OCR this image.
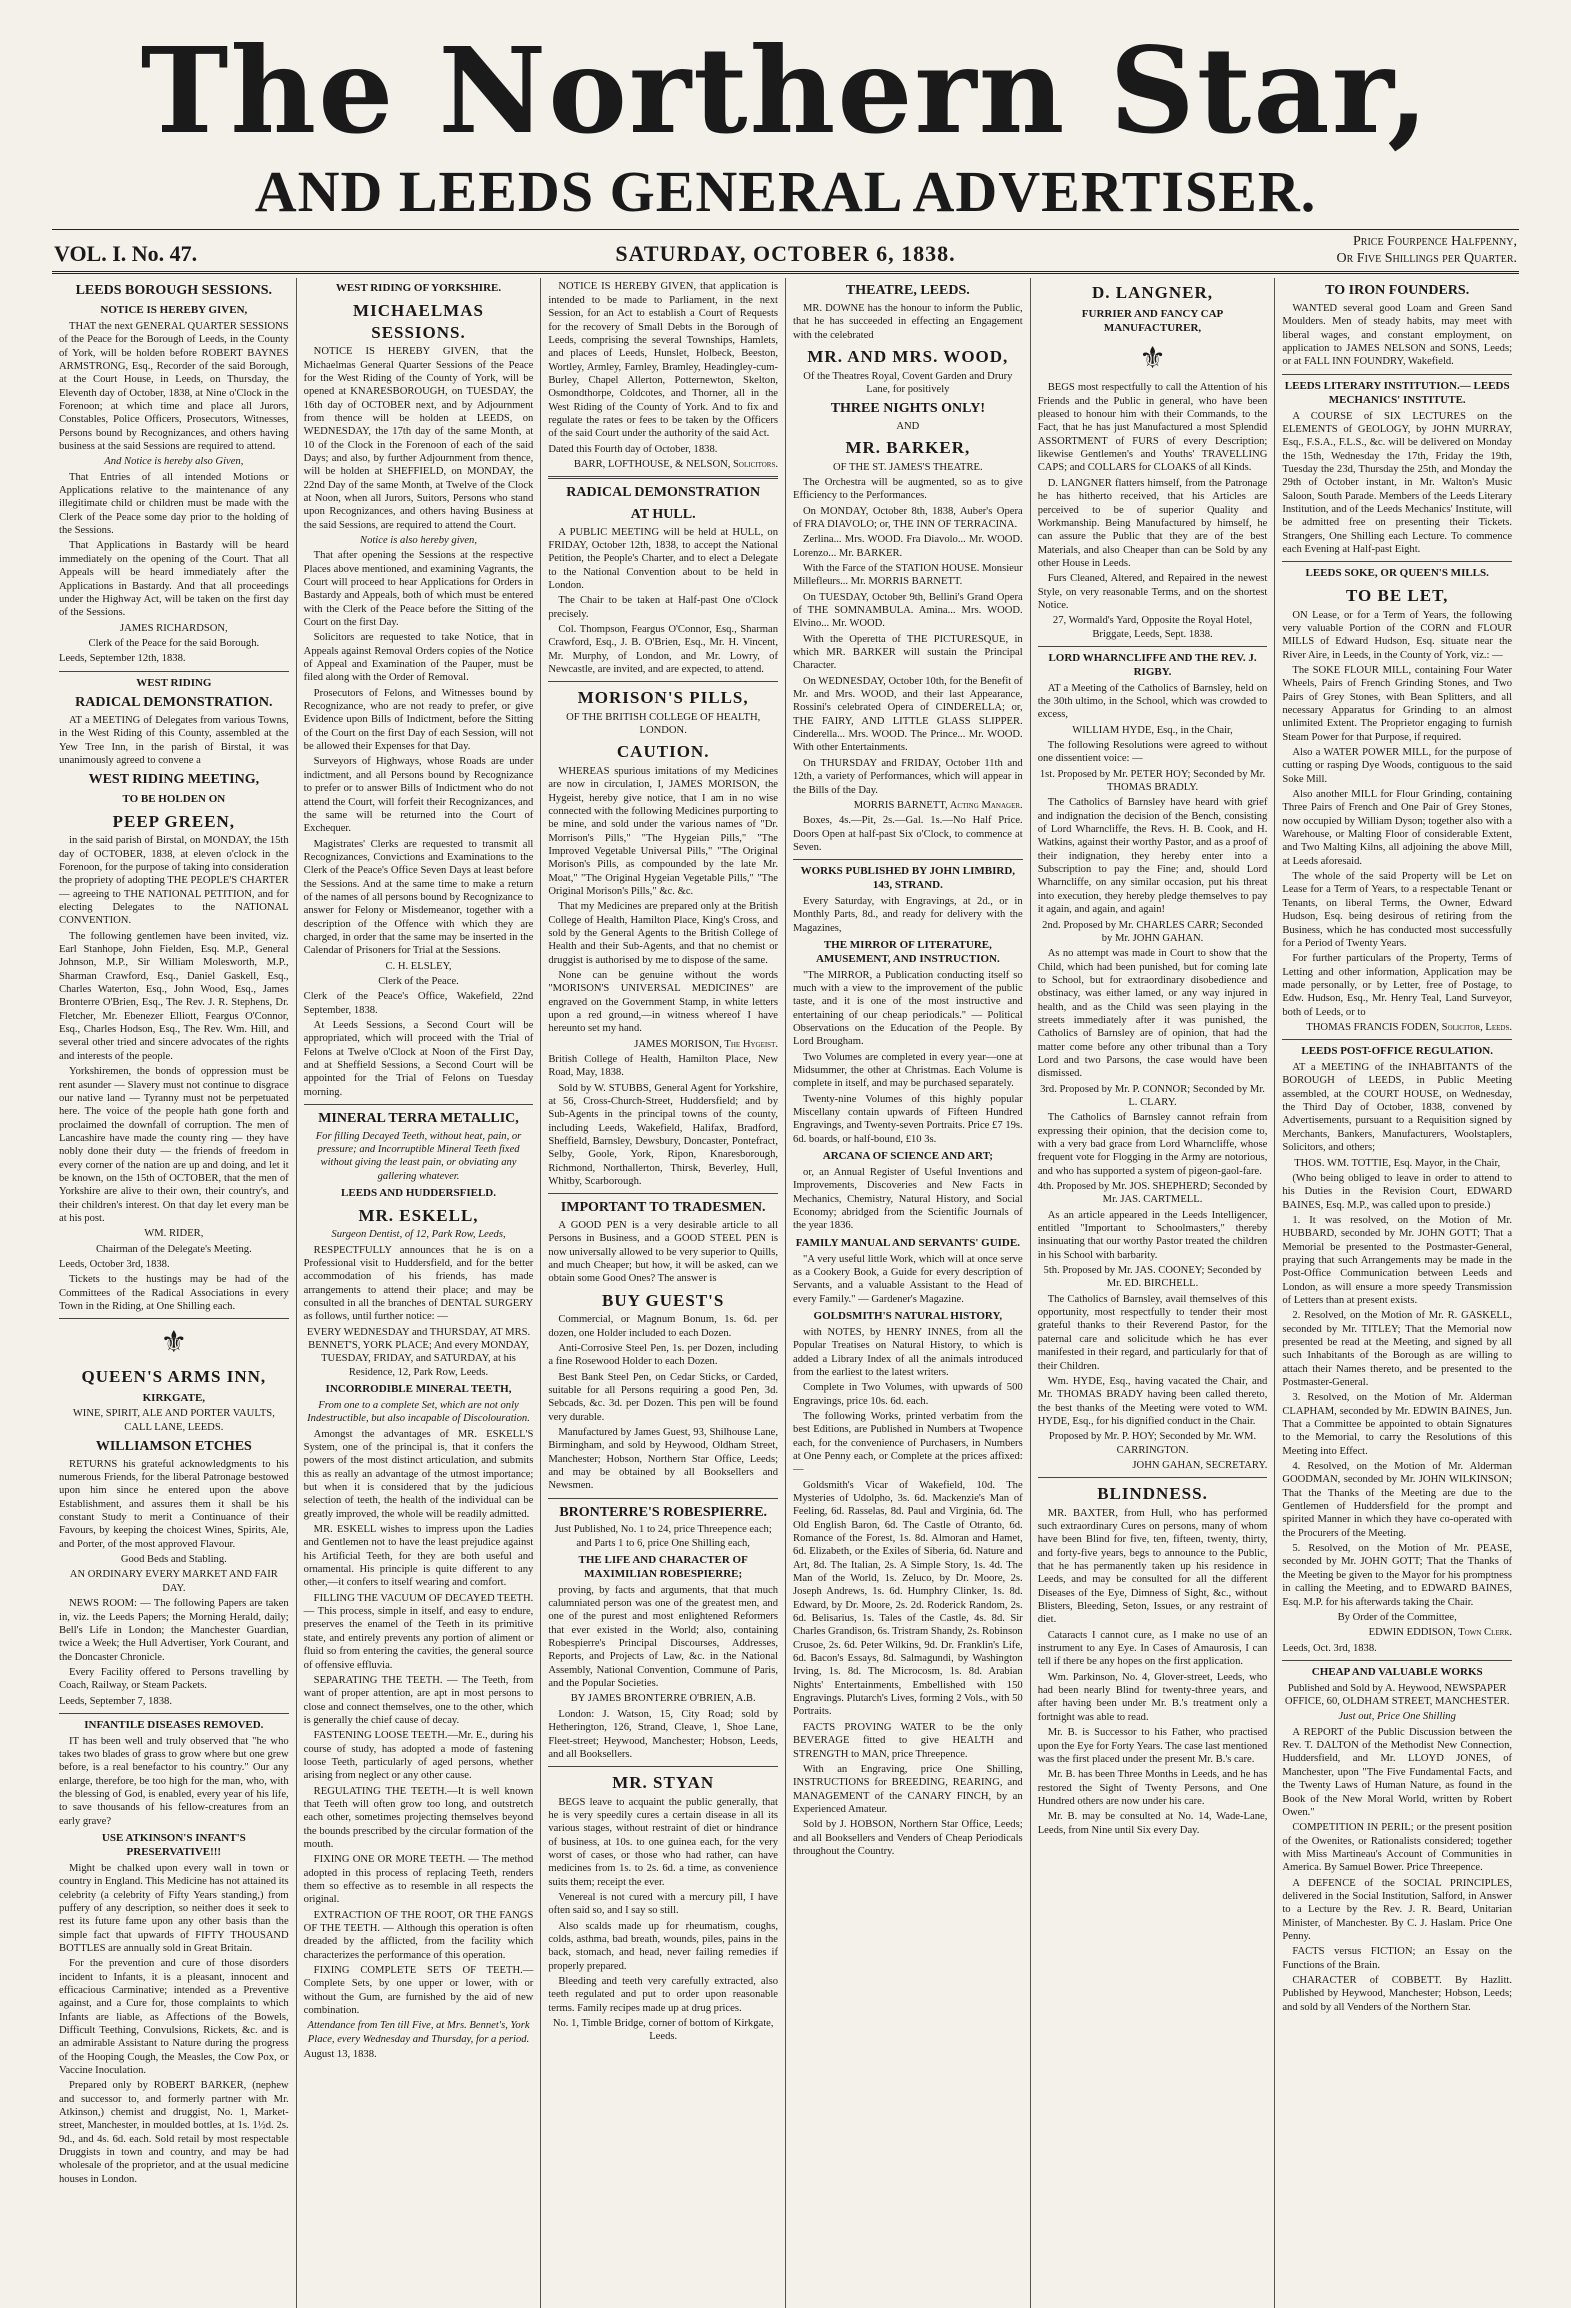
The Northern Star,
AND LEEDS GENERAL ADVERTISER.
VOL. I. No. 47.	SATURDAY, OCTOBER 6, 1838.
Price Fourpence Halfpenny,
Or Five Shillings per Quarter.
LEEDS BOROUGH SESSIONS.
NOTICE IS HEREBY GIVEN,

THAT the next GENERAL QUARTER SESSIONS of the Peace for the Borough of Leeds, in the County of York, will be holden before ROBERT BAYNES ARMSTRONG, Esq., Recorder of the said Borough, at the Court House, in Leeds, on Thursday, the Eleventh day of October, 1838, at Nine o'Clock in the Forenoon; at which time and place all Jurors, Constables, Police Officers, Prosecutors, Witnesses, Persons bound by Recognizances, and others having business at the said Sessions are required to attend.

And Notice is hereby also Given,

That Entries of all intended Motions or Applications relative to the maintenance of any illegitimate child or children must be made with the Clerk of the Peace some day prior to the holding of the Sessions.

That Applications in Bastardy will be heard immediately on the opening of the Court. That all Appeals will be heard immediately after the Applications in Bastardy. And that all proceedings under the Highway Act, will be taken on the first day of the Sessions.

JAMES RICHARDSON,
Clerk of the Peace for the said Borough.
Leeds, September 12th, 1838.
WEST RIDING
RADICAL DEMONSTRATION.

AT a MEETING of Delegates from various Towns, in the West Riding of this County, assembled at the Yew Tree Inn, in the parish of Birstal, it was unanimously agreed to convene a

WEST RIDING MEETING,
TO BE HOLDEN ON
PEEP GREEN,

in the said parish of Birstal, on MONDAY, the 15th day of OCTOBER, 1838, at eleven o'clock in the Forenoon, for the purpose of taking into consideration the propriety of adopting THE PEOPLE'S CHARTER — agreeing to THE NATIONAL PETITION, and for electing Delegates to the NATIONAL CONVENTION.

The following gentlemen have been invited, viz. Earl Stanhope, John Fielden, Esq. M.P., General Johnson, M.P., Sir William Molesworth, M.P., Sharman Crawford, Esq., Daniel Gaskell, Esq., Charles Waterton, Esq., John Wood, Esq., James Bronterre O'Brien, Esq., The Rev. J. R. Stephens, Dr. Fletcher, Mr. Ebenezer Elliott, Feargus O'Connor, Esq., Charles Hodson, Esq., The Rev. Wm. Hill, and several other tried and sincere advocates of the rights and interests of the people.

Yorkshiremen, the bonds of oppression must be rent asunder — Slavery must not continue to disgrace our native land — Tyranny must not be perpetuated here. The voice of the people hath gone forth and proclaimed the downfall of corruption. The men of Lancashire have made the county ring — they have nobly done their duty — the friends of freedom in every corner of the nation are up and doing, and let it be known, on the 15th of OCTOBER, that the men of Yorkshire are alive to their own, their country's, and their children's interest. On that day let every man be at his post.

WM. RIDER,
Chairman of the Delegate's Meeting.
Leeds, October 3rd, 1838.

Tickets to the hustings may be had of the Committees of the Radical Associations in every Town in the Riding, at One Shilling each.

⚜
QUEEN'S ARMS INN,
KIRKGATE,
WINE, SPIRIT, ALE AND PORTER VAULTS, CALL LANE, LEEDS.
WILLIAMSON ETCHES

RETURNS his grateful acknowledgments to his numerous Friends, for the liberal Patronage bestowed upon him since he entered upon the above Establishment, and assures them it shall be his constant Study to merit a Continuance of their Favours, by keeping the choicest Wines, Spirits, Ale, and Porter, of the most approved Flavour.

Good Beds and Stabling.
AN ORDINARY EVERY MARKET AND FAIR DAY.

NEWS ROOM: — The following Papers are taken in, viz. the Leeds Papers; the Morning Herald, daily; Bell's Life in London; the Manchester Guardian, twice a Week; the Hull Advertiser, York Courant, and the Doncaster Chronicle.

Every Facility offered to Persons travelling by Coach, Railway, or Steam Packets.

Leeds, September 7, 1838.
INFANTILE DISEASES REMOVED.

IT has been well and truly observed that "he who takes two blades of grass to grow where but one grew before, is a real benefactor to his country." Our any enlarge, therefore, be too high for the man, who, with the blessing of God, is enabled, every year of his life, to save thousands of his fellow-creatures from an early grave?

USE ATKINSON'S INFANT'S PRESERVATIVE!!!

Might be chalked upon every wall in town or country in England. This Medicine has not attained its celebrity (a celebrity of Fifty Years standing,) from puffery of any description, so neither does it seek to rest its future fame upon any other basis than the simple fact that upwards of FIFTY THOUSAND BOTTLES are annually sold in Great Britain.

For the prevention and cure of those disorders incident to Infants, it is a pleasant, innocent and efficacious Carminative; intended as a Preventive against, and a Cure for, those complaints to which Infants are liable, as Affections of the Bowels, Difficult Teething, Convulsions, Rickets, &c. and is an admirable Assistant to Nature during the progress of the Hooping Cough, the Measles, the Cow Pox, or Vaccine Inoculation.

Prepared only by ROBERT BARKER, (nephew and successor to, and formerly partner with Mr. Atkinson,) chemist and druggist, No. 1, Market-street, Manchester, in moulded bottles, at 1s. 1½d. 2s. 9d., and 4s. 6d. each. Sold retail by most respectable Druggists in town and country, and may be had wholesale of the proprietor, and at the usual medicine houses in London.

WEST RIDING OF YORKSHIRE.
MICHAELMAS SESSIONS.

NOTICE IS HEREBY GIVEN, that the Michaelmas General Quarter Sessions of the Peace for the West Riding of the County of York, will be opened at KNARESBOROUGH, on TUESDAY, the 16th day of OCTOBER next, and by Adjournment from thence will be holden at LEEDS, on WEDNESDAY, the 17th day of the same Month, at 10 of the Clock in the Forenoon of each of the said Days; and also, by further Adjournment from thence, will be holden at SHEFFIELD, on MONDAY, the 22nd Day of the same Month, at Twelve of the Clock at Noon, when all Jurors, Suitors, Persons who stand upon Recognizances, and others having Business at the said Sessions, are required to attend the Court.

Notice is also hereby given,

That after opening the Sessions at the respective Places above mentioned, and examining Vagrants, the Court will proceed to hear Applications for Orders in Bastardy and Appeals, both of which must be entered with the Clerk of the Peace before the Sitting of the Court on the first Day.

Solicitors are requested to take Notice, that in Appeals against Removal Orders copies of the Notice of Appeal and Examination of the Pauper, must be filed along with the Order of Removal.

Prosecutors of Felons, and Witnesses bound by Recognizance, who are not ready to prefer, or give Evidence upon Bills of Indictment, before the Sitting of the Court on the first Day of each Session, will not be allowed their Expenses for that Day.

Surveyors of Highways, whose Roads are under indictment, and all Persons bound by Recognizance to prefer or to answer Bills of Indictment who do not attend the Court, will forfeit their Recognizances, and the same will be returned into the Court of Exchequer.

Magistrates' Clerks are requested to transmit all Recognizances, Convictions and Examinations to the Clerk of the Peace's Office Seven Days at least before the Sessions. And at the same time to make a return of the names of all persons bound by Recognizance to answer for Felony or Misdemeanor, together with a description of the Offence with which they are charged, in order that the same may be inserted in the Calendar of Prisoners for Trial at the Sessions.

C. H. ELSLEY,
Clerk of the Peace.
Clerk of the Peace's Office, Wakefield, 22nd September, 1838.

At Leeds Sessions, a Second Court will be appropriated, which will proceed with the Trial of Felons at Twelve o'Clock at Noon of the First Day, and at Sheffield Sessions, a Second Court will be appointed for the Trial of Felons on Tuesday morning.

MINERAL TERRA METALLIC,
For filling Decayed Teeth, without heat, pain, or pressure; and Incorruptible Mineral Teeth fixed without giving the least pain, or obviating any gallering whatever.
LEEDS AND HUDDERSFIELD.
MR. ESKELL,
Surgeon Dentist, of 12, Park Row, Leeds,

RESPECTFULLY announces that he is on a Professional visit to Huddersfield, and for the better accommodation of his friends, has made arrangements to attend their place; and may be consulted in all the branches of DENTAL SURGERY as follows, until further notice: —

EVERY WEDNESDAY and THURSDAY, AT MRS. BENNET'S, YORK PLACE; And every MONDAY, TUESDAY, FRIDAY, and SATURDAY, at his Residence, 12, Park Row, Leeds.
INCORRODIBLE MINERAL TEETH,
From one to a complete Set, which are not only Indestructible, but also incapable of Discolouration.

Amongst the advantages of MR. ESKELL'S System, one of the principal is, that it confers the powers of the most distinct articulation, and submits this as really an advantage of the utmost importance; but when it is considered that by the judicious selection of teeth, the health of the individual can be greatly improved, the whole will be readily admitted.

MR. ESKELL wishes to impress upon the Ladies and Gentlemen not to have the least prejudice against his Artificial Teeth, for they are both useful and ornamental. His principle is quite different to any other,—it confers to itself wearing and comfort.

FILLING THE VACUUM OF DECAYED TEETH. — This process, simple in itself, and easy to endure, preserves the enamel of the Teeth in its primitive state, and entirely prevents any portion of aliment or fluid so from entering the cavities, the general source of offensive effluvia.

SEPARATING THE TEETH. — The Teeth, from want of proper attention, are apt in most persons to close and connect themselves, one to the other, which is generally the chief cause of decay.

FASTENING LOOSE TEETH.—Mr. E., during his course of study, has adopted a mode of fastening loose Teeth, particularly of aged persons, whether arising from neglect or any other cause.

REGULATING THE TEETH.—It is well known that Teeth will often grow too long, and outstretch each other, sometimes projecting themselves beyond the bounds prescribed by the circular formation of the mouth.

FIXING ONE OR MORE TEETH. — The method adopted in this process of replacing Teeth, renders them so effective as to resemble in all respects the original.

EXTRACTION OF THE ROOT, OR THE FANGS OF THE TEETH. — Although this operation is often dreaded by the afflicted, from the facility which characterizes the performance of this operation.

FIXING COMPLETE SETS OF TEETH.—Complete Sets, by one upper or lower, with or without the Gum, are furnished by the aid of new combination.

Attendance from Ten till Five, at Mrs. Bennet's, York Place, every Wednesday and Thursday, for a period.
August 13, 1838.

NOTICE IS HEREBY GIVEN, that application is intended to be made to Parliament, in the next Session, for an Act to establish a Court of Requests for the recovery of Small Debts in the Borough of Leeds, comprising the several Townships, Hamlets, and places of Leeds, Hunslet, Holbeck, Beeston, Wortley, Armley, Farnley, Bramley, Headingley-cum-Burley, Chapel Allerton, Potternewton, Skelton, Osmondthorpe, Coldcotes, and Thorner, all in the West Riding of the County of York. And to fix and regulate the rates or fees to be taken by the Officers of the said Court under the authority of the said Act.

Dated this Fourth day of October, 1838.
BARR, LOFTHOUSE, & NELSON, Solicitors.
RADICAL DEMONSTRATION
AT HULL.

A PUBLIC MEETING will be held at HULL, on FRIDAY, October 12th, 1838, to accept the National Petition, the People's Charter, and to elect a Delegate to the National Convention about to be held in London.

The Chair to be taken at Half-past One o'Clock precisely.

Col. Thompson, Feargus O'Connor, Esq., Sharman Crawford, Esq., J. B. O'Brien, Esq., Mr. H. Vincent, Mr. Murphy, of London, and Mr. Lowry, of Newcastle, are invited, and are expected, to attend.

MORISON'S PILLS,
OF THE BRITISH COLLEGE OF HEALTH, LONDON.
CAUTION.

WHEREAS spurious imitations of my Medicines are now in circulation, I, JAMES MORISON, the Hygeist, hereby give notice, that I am in no wise connected with the following Medicines purporting to be mine, and sold under the various names of "Dr. Morrison's Pills," "The Hygeian Pills," "The Improved Vegetable Universal Pills," "The Original Morison's Pills, as compounded by the late Mr. Moat," "The Original Hygeian Vegetable Pills," "The Original Morison's Pills," &c. &c.

That my Medicines are prepared only at the British College of Health, Hamilton Place, King's Cross, and sold by the General Agents to the British College of Health and their Sub-Agents, and that no chemist or druggist is authorised by me to dispose of the same.

None can be genuine without the words "MORISON'S UNIVERSAL MEDICINES" are engraved on the Government Stamp, in white letters upon a red ground,—in witness whereof I have hereunto set my hand.

JAMES MORISON, The Hygeist.
British College of Health, Hamilton Place, New Road, May, 1838.

Sold by W. STUBBS, General Agent for Yorkshire, at 56, Cross-Church-Street, Huddersfield; and by Sub-Agents in the principal towns of the county, including Leeds, Wakefield, Halifax, Bradford, Sheffield, Barnsley, Dewsbury, Doncaster, Pontefract, Selby, Goole, York, Ripon, Knaresborough, Richmond, Northallerton, Thirsk, Beverley, Hull, Whitby, Scarborough.

IMPORTANT TO TRADESMEN.

A GOOD PEN is a very desirable article to all Persons in Business, and a GOOD STEEL PEN is now universally allowed to be very superior to Quills, and much Cheaper; but how, it will be asked, can we obtain some Good Ones? The answer is

BUY GUEST'S

Commercial, or Magnum Bonum, 1s. 6d. per dozen, one Holder included to each Dozen.

Anti-Corrosive Steel Pen, 1s. per Dozen, including a fine Rosewood Holder to each Dozen.

Best Bank Steel Pen, on Cedar Sticks, or Carded, suitable for all Persons requiring a good Pen, 3d. Sebcads, &c. 3d. per Dozen. This pen will be found very durable.

Manufactured by James Guest, 93, Shilhouse Lane, Birmingham, and sold by Heywood, Oldham Street, Manchester; Hobson, Northern Star Office, Leeds; and may be obtained by all Booksellers and Newsmen.

BRONTERRE'S ROBESPIERRE.
Just Published, No. 1 to 24, price Threepence each; and Parts 1 to 6, price One Shilling each,
THE LIFE AND CHARACTER OF MAXIMILIAN ROBESPIERRE;

proving, by facts and arguments, that that much calumniated person was one of the greatest men, and one of the purest and most enlightened Reformers that ever existed in the World; also, containing Robespierre's Principal Discourses, Addresses, Reports, and Projects of Law, &c. in the National Assembly, National Convention, Commune of Paris, and the Popular Societies.

BY JAMES BRONTERRE O'BRIEN, A.B.

London: J. Watson, 15, City Road; sold by Hetherington, 126, Strand, Cleave, 1, Shoe Lane, Fleet-street; Heywood, Manchester; Hobson, Leeds, and all Booksellers.

MR. STYAN

BEGS leave to acquaint the public generally, that he is very speedily cures a certain disease in all its various stages, without restraint of diet or hindrance of business, at 10s. to one guinea each, for the very worst of cases, or those who had rather, can have medicines from 1s. to 2s. 6d. a time, as convenience suits them; receipt the ever.

Venereal is not cured with a mercury pill, I have often said so, and I say so still.

Also scalds made up for rheumatism, coughs, colds, asthma, bad breath, wounds, piles, pains in the back, stomach, and head, never failing remedies if properly prepared.

Bleeding and teeth very carefully extracted, also teeth regulated and put to order upon reasonable terms. Family recipes made up at drug prices.

No. 1, Timble Bridge, corner of bottom of Kirkgate, Leeds.
THEATRE, LEEDS.

MR. DOWNE has the honour to inform the Public, that he has succeeded in effecting an Engagement with the celebrated

MR. AND MRS. WOOD,
Of the Theatres Royal, Covent Garden and Drury Lane, for positively
THREE NIGHTS ONLY!
AND
MR. BARKER,
OF THE ST. JAMES'S THEATRE.

The Orchestra will be augmented, so as to give Efficiency to the Performances.

On MONDAY, October 8th, 1838, Auber's Opera of FRA DIAVOLO; or, THE INN OF TERRACINA.

Zerlina... Mrs. WOOD. Fra Diavolo... Mr. WOOD. Lorenzo... Mr. BARKER.

With the Farce of the STATION HOUSE. Monsieur Millefleurs... Mr. MORRIS BARNETT.

On TUESDAY, October 9th, Bellini's Grand Opera of THE SOMNAMBULA. Amina... Mrs. WOOD. Elvino... Mr. WOOD.

With the Operetta of THE PICTURESQUE, in which MR. BARKER will sustain the Principal Character.

On WEDNESDAY, October 10th, for the Benefit of Mr. and Mrs. WOOD, and their last Appearance, Rossini's celebrated Opera of CINDERELLA; or, THE FAIRY, AND LITTLE GLASS SLIPPER. Cinderella... Mrs. WOOD. The Prince... Mr. WOOD. With other Entertainments.

On THURSDAY and FRIDAY, October 11th and 12th, a variety of Performances, which will appear in the Bills of the Day.

MORRIS BARNETT, Acting Manager.

Boxes, 4s.—Pit, 2s.—Gal. 1s.—No Half Price. Doors Open at half-past Six o'Clock, to commence at Seven.

WORKS PUBLISHED BY JOHN LIMBIRD, 143, STRAND.

Every Saturday, with Engravings, at 2d., or in Monthly Parts, 8d., and ready for delivery with the Magazines,

THE MIRROR OF LITERATURE, AMUSEMENT, AND INSTRUCTION.

"The MIRROR, a Publication conducting itself so much with a view to the improvement of the public taste, and it is one of the most instructive and entertaining of our cheap periodicals." — Political Observations on the Education of the People. By Lord Brougham.

Two Volumes are completed in every year—one at Midsummer, the other at Christmas. Each Volume is complete in itself, and may be purchased separately.

Twenty-nine Volumes of this highly popular Miscellany contain upwards of Fifteen Hundred Engravings, and Twenty-seven Portraits. Price £7 19s. 6d. boards, or half-bound, £10 3s.

ARCANA OF SCIENCE AND ART;

or, an Annual Register of Useful Inventions and Improvements, Discoveries and New Facts in Mechanics, Chemistry, Natural History, and Social Economy; abridged from the Scientific Journals of the year 1836.

FAMILY MANUAL AND SERVANTS' GUIDE.

"A very useful little Work, which will at once serve as a Cookery Book, a Guide for every description of Servants, and a valuable Assistant to the Head of every Family." — Gardener's Magazine.

GOLDSMITH'S NATURAL HISTORY,

with NOTES, by HENRY INNES, from all the Popular Treatises on Natural History, to which is added a Library Index of all the animals introduced from the earliest to the latest writers.

Complete in Two Volumes, with upwards of 500 Engravings, price 10s. 6d. each.

The following Works, printed verbatim from the best Editions, are Published in Numbers at Twopence each, for the convenience of Purchasers, in Numbers at One Penny each, or Complete at the prices affixed: —

Goldsmith's Vicar of Wakefield, 10d. The Mysteries of Udolpho, 3s. 6d. Mackenzie's Man of Feeling, 6d. Rasselas, 8d. Paul and Virginia, 6d. The Old English Baron, 6d. The Castle of Otranto, 6d. Romance of the Forest, 1s. 8d. Almoran and Hamet, 6d. Elizabeth, or the Exiles of Siberia, 6d. Nature and Art, 8d. The Italian, 2s. A Simple Story, 1s. 4d. The Man of the World, 1s. Zeluco, by Dr. Moore, 2s. Joseph Andrews, 1s. 6d. Humphry Clinker, 1s. 8d. Edward, by Dr. Moore, 2s. 2d. Roderick Random, 2s. 6d. Belisarius, 1s. Tales of the Castle, 4s. 8d. Sir Charles Grandison, 6s. Tristram Shandy, 2s. Robinson Crusoe, 2s. 6d. Peter Wilkins, 9d. Dr. Franklin's Life, 6d. Bacon's Essays, 8d. Salmagundi, by Washington Irving, 1s. 8d. The Microcosm, 1s. 8d. Arabian Nights' Entertainments, Embellished with 150 Engravings. Plutarch's Lives, forming 2 Vols., with 50 Portraits.

FACTS PROVING WATER to be the only BEVERAGE fitted to give HEALTH and STRENGTH to MAN, price Threepence.

With an Engraving, price One Shilling, INSTRUCTIONS for BREEDING, REARING, and MANAGEMENT of the CANARY FINCH, by an Experienced Amateur.

Sold by J. HOBSON, Northern Star Office, Leeds; and all Booksellers and Venders of Cheap Periodicals throughout the Country.

D. LANGNER,
FURRIER AND FANCY CAP MANUFACTURER,
⚜

BEGS most respectfully to call the Attention of his Friends and the Public in general, who have been pleased to honour him with their Commands, to the Fact, that he has just Manufactured a most Splendid ASSORTMENT of FURS of every Description; likewise Gentlemen's and Youths' TRAVELLING CAPS; and COLLARS for CLOAKS of all Kinds.

D. LANGNER flatters himself, from the Patronage he has hitherto received, that his Articles are perceived to be of superior Quality and Workmanship. Being Manufactured by himself, he can assure the Public that they are of the best Materials, and also Cheaper than can be Sold by any other House in Leeds.

Furs Cleaned, Altered, and Repaired in the newest Style, on very reasonable Terms, and on the shortest Notice.

27, Wormald's Yard, Opposite the Royal Hotel, Briggate, Leeds, Sept. 1838.
LORD WHARNCLIFFE AND THE REV. J. RIGBY.

AT a Meeting of the Catholics of Barnsley, held on the 30th ultimo, in the School, which was crowded to excess,

WILLIAM HYDE, Esq., in the Chair,

The following Resolutions were agreed to without one dissentient voice: —

1st. Proposed by Mr. PETER HOY; Seconded by Mr. THOMAS BRADLY.

The Catholics of Barnsley have heard with grief and indignation the decision of the Bench, consisting of Lord Wharncliffe, the Revs. H. B. Cook, and H. Watkins, against their worthy Pastor, and as a proof of their indignation, they hereby enter into a Subscription to pay the Fine; and, should Lord Wharncliffe, on any similar occasion, put his threat into execution, they hereby pledge themselves to pay it again, and again, and again!

2nd. Proposed by Mr. CHARLES CARR; Seconded by Mr. JOHN GAHAN.

As no attempt was made in Court to show that the Child, which had been punished, but for coming late to School, but for extraordinary disobedience and obstinacy, was either lamed, or any way injured in health, and as the Child was seen playing in the streets immediately after it was punished, the Catholics of Barnsley are of opinion, that had the matter come before any other tribunal than a Tory Lord and two Parsons, the case would have been dismissed.

3rd. Proposed by Mr. P. CONNOR; Seconded by Mr. L. CLARY.

The Catholics of Barnsley cannot refrain from expressing their opinion, that the decision come to, with a very bad grace from Lord Wharncliffe, whose frequent vote for Flogging in the Army are notorious, and who has supported a system of pigeon-gaol-fare.

4th. Proposed by Mr. JOS. SHEPHERD; Seconded by Mr. JAS. CARTMELL.

As an article appeared in the Leeds Intelligencer, entitled "Important to Schoolmasters," thereby insinuating that our worthy Pastor treated the children in his School with barbarity.

5th. Proposed by Mr. JAS. COONEY; Seconded by Mr. ED. BIRCHELL.

The Catholics of Barnsley, avail themselves of this opportunity, most respectfully to tender their most grateful thanks to their Reverend Pastor, for the paternal care and solicitude which he has ever manifested in their regard, and particularly for that of their Children.

Wm. HYDE, Esq., having vacated the Chair, and Mr. THOMAS BRADY having been called thereto, the best thanks of the Meeting were voted to WM. HYDE, Esq., for his dignified conduct in the Chair.

Proposed by Mr. P. HOY; Seconded by Mr. WM. CARRINGTON.
JOHN GAHAN, SECRETARY.
BLINDNESS.

MR. BAXTER, from Hull, who has performed such extraordinary Cures on persons, many of whom have been Blind for five, ten, fifteen, twenty, thirty, and forty-five years, begs to announce to the Public, that he has permanently taken up his residence in Leeds, and may be consulted for all the different Diseases of the Eye, Dimness of Sight, &c., without Blisters, Bleeding, Seton, Issues, or any restraint of diet.

Cataracts I cannot cure, as I make no use of an instrument to any Eye. In Cases of Amaurosis, I can tell if there be any hopes on the first application.

Wm. Parkinson, No. 4, Glover-street, Leeds, who had been nearly Blind for twenty-three years, and after having been under Mr. B.'s treatment only a fortnight was able to read.

Mr. B. is Successor to his Father, who practised upon the Eye for Forty Years. The case last mentioned was the first placed under the present Mr. B.'s care.

Mr. B. has been Three Months in Leeds, and he has restored the Sight of Twenty Persons, and One Hundred others are now under his care.

Mr. B. may be consulted at No. 14, Wade-Lane, Leeds, from Nine until Six every Day.

TO IRON FOUNDERS.

WANTED several good Loam and Green Sand Moulders. Men of steady habits, may meet with liberal wages, and constant employment, on application to JAMES NELSON and SONS, Leeds; or at FALL INN FOUNDRY, Wakefield.

LEEDS LITERARY INSTITUTION.— LEEDS MECHANICS' INSTITUTE.

A COURSE of SIX LECTURES on the ELEMENTS of GEOLOGY, by JOHN MURRAY, Esq., F.S.A., F.L.S., &c. will be delivered on Monday the 15th, Wednesday the 17th, Friday the 19th, Tuesday the 23d, Thursday the 25th, and Monday the 29th of October instant, in Mr. Walton's Music Saloon, South Parade. Members of the Leeds Literary Institution, and of the Leeds Mechanics' Institute, will be admitted free on presenting their Tickets. Strangers, One Shilling each Lecture. To commence each Evening at Half-past Eight.

LEEDS SOKE, OR QUEEN'S MILLS.
TO BE LET,

ON Lease, or for a Term of Years, the following very valuable Portion of the CORN and FLOUR MILLS of Edward Hudson, Esq. situate near the River Aire, in Leeds, in the County of York, viz.: —

The SOKE FLOUR MILL, containing Four Water Wheels, Pairs of French Grinding Stones, and Two Pairs of Grey Stones, with Bean Splitters, and all necessary Apparatus for Grinding to an almost unlimited Extent. The Proprietor engaging to furnish Steam Power for that Purpose, if required.

Also a WATER POWER MILL, for the purpose of cutting or rasping Dye Woods, contiguous to the said Soke Mill.

Also another MILL for Flour Grinding, containing Three Pairs of French and One Pair of Grey Stones, now occupied by William Dyson; together also with a Warehouse, or Malting Floor of considerable Extent, and Two Malting Kilns, all adjoining the above Mill, at Leeds aforesaid.

The whole of the said Property will be Let on Lease for a Term of Years, to a respectable Tenant or Tenants, on liberal Terms, the Owner, Edward Hudson, Esq. being desirous of retiring from the Business, which he has conducted most successfully for a Period of Twenty Years.

For further particulars of the Property, Terms of Letting and other information, Application may be made personally, or by Letter, free of Postage, to Edw. Hudson, Esq., Mr. Henry Teal, Land Surveyor, both of Leeds, or to

THOMAS FRANCIS FODEN, Solicitor, Leeds.
LEEDS POST-OFFICE REGULATION.

AT a MEETING of the INHABITANTS of the BOROUGH of LEEDS, in Public Meeting assembled, at the COURT HOUSE, on Wednesday, the Third Day of October, 1838, convened by Advertisements, pursuant to a Requisition signed by Merchants, Bankers, Manufacturers, Woolstaplers, Solicitors, and others;

THOS. WM. TOTTIE, Esq. Mayor, in the Chair,

(Who being obliged to leave in order to attend to his Duties in the Revision Court, EDWARD BAINES, Esq. M.P., was called upon to preside.)

1. It was resolved, on the Motion of Mr. HUBBARD, seconded by Mr. JOHN GOTT; That a Memorial be presented to the Postmaster-General, praying that such Arrangements may be made in the Post-Office Communication between Leeds and London, as will ensure a more speedy Transmission of Letters than at present exists.

2. Resolved, on the Motion of Mr. R. GASKELL, seconded by Mr. TITLEY; That the Memorial now presented be read at the Meeting, and signed by all such Inhabitants of the Borough as are willing to attach their Names thereto, and be presented to the Postmaster-General.

3. Resolved, on the Motion of Mr. Alderman CLAPHAM, seconded by Mr. EDWIN BAINES, Jun. That a Committee be appointed to obtain Signatures to the Memorial, to carry the Resolutions of this Meeting into Effect.

4. Resolved, on the Motion of Mr. Alderman GOODMAN, seconded by Mr. JOHN WILKINSON; That the Thanks of the Meeting are due to the Gentlemen of Huddersfield for the prompt and spirited Manner in which they have co-operated with the Procurers of the Meeting.

5. Resolved, on the Motion of Mr. PEASE, seconded by Mr. JOHN GOTT; That the Thanks of the Meeting be given to the Mayor for his promptness in calling the Meeting, and to EDWARD BAINES, Esq. M.P. for his afterwards taking the Chair.

By Order of the Committee,
EDWIN EDDISON, Town Clerk.
Leeds, Oct. 3rd, 1838.
CHEAP AND VALUABLE WORKS
Published and Sold by A. Heywood, NEWSPAPER OFFICE, 60, OLDHAM STREET, MANCHESTER.
Just out, Price One Shilling

A REPORT of the Public Discussion between the Rev. T. DALTON of the Methodist New Connection, Huddersfield, and Mr. LLOYD JONES, of Manchester, upon "The Five Fundamental Facts, and the Twenty Laws of Human Nature, as found in the Book of the New Moral World, written by Robert Owen."

COMPETITION IN PERIL; or the present position of the Owenites, or Rationalists considered; together with Miss Martineau's Account of Communities in America. By Samuel Bower. Price Threepence.

A DEFENCE of the SOCIAL PRINCIPLES, delivered in the Social Institution, Salford, in Answer to a Lecture by the Rev. J. R. Beard, Unitarian Minister, of Manchester. By C. J. Haslam. Price One Penny.

FACTS versus FICTION; an Essay on the Functions of the Brain.

CHARACTER of COBBETT. By Hazlitt. Published by Heywood, Manchester; Hobson, Leeds; and sold by all Venders of the Northern Star.
